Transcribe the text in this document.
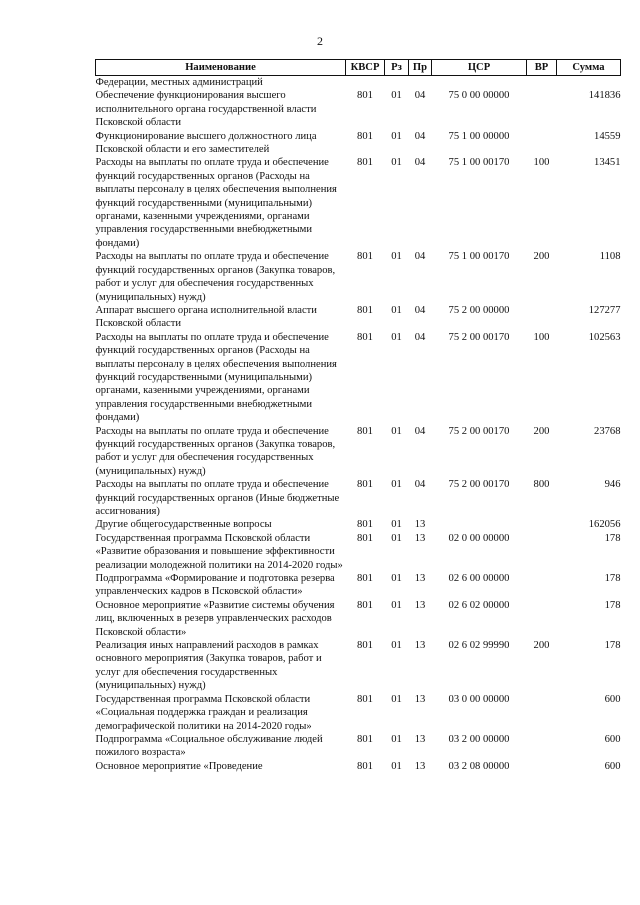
2
Наименование	КВСР	Рз	Пр	ЦСР	ВР	Сумма
Федерации, местных администраций						
Обеспечение функционирования высшего исполнительного органа государственной власти Псковской области	801	01	04	75 0 00 00000		141836
Функционирование высшего должностного лица Псковской области и его заместителей	801	01	04	75 1 00 00000		14559
Расходы на выплаты по оплате труда и обеспечение функций государственных органов (Расходы на выплаты персоналу в целях обеспечения выполнения функций государственными (муниципальными) органами, казенными учреждениями, органами управления государственными внебюджетными фондами)	801	01	04	75 1 00 00170	100	13451
Расходы на выплаты по оплате труда и обеспечение функций государственных органов (Закупка товаров, работ и услуг для обеспечения государственных (муниципальных) нужд)	801	01	04	75 1 00 00170	200	1108
Аппарат высшего органа исполнительной власти Псковской области	801	01	04	75 2 00 00000		127277
Расходы на выплаты по оплате труда и обеспечение функций государственных органов (Расходы на выплаты персоналу в целях обеспечения выполнения функций государственными (муниципальными) органами, казенными учреждениями, органами управления государственными внебюджетными фондами)	801	01	04	75 2 00 00170	100	102563
Расходы на выплаты по оплате труда и обеспечение функций государственных органов (Закупка товаров, работ и услуг для обеспечения государственных (муниципальных) нужд)	801	01	04	75 2 00 00170	200	23768
Расходы на выплаты по оплате труда и обеспечение функций государственных органов (Иные бюджетные ассигнования)	801	01	04	75 2 00 00170	800	946
Другие общегосударственные вопросы	801	01	13			162056
Государственная программа Псковской области «Развитие образования и повышение эффективности реализации молодежной политики на 2014-2020 годы»	801	01	13	02 0 00 00000		178
Подпрограмма «Формирование и подготовка резерва управленческих кадров в Псковской области»	801	01	13	02 6 00 00000		178
Основное мероприятие «Развитие системы обучения лиц, включенных в резерв управленческих расходов Псковской области»	801	01	13	02 6 02 00000		178
Реализация иных направлений расходов в рамках основного мероприятия (Закупка товаров, работ и услуг для обеспечения государственных (муниципальных) нужд)	801	01	13	02 6 02 99990	200	178
Государственная программа Псковской области «Социальная поддержка граждан и реализация демографической политики на 2014-2020 годы»	801	01	13	03 0 00 00000		600
Подпрограмма «Социальное обслуживание людей пожилого возраста»	801	01	13	03 2 00 00000		600
Основное мероприятие «Проведение	801	01	13	03 2 08 00000		600
